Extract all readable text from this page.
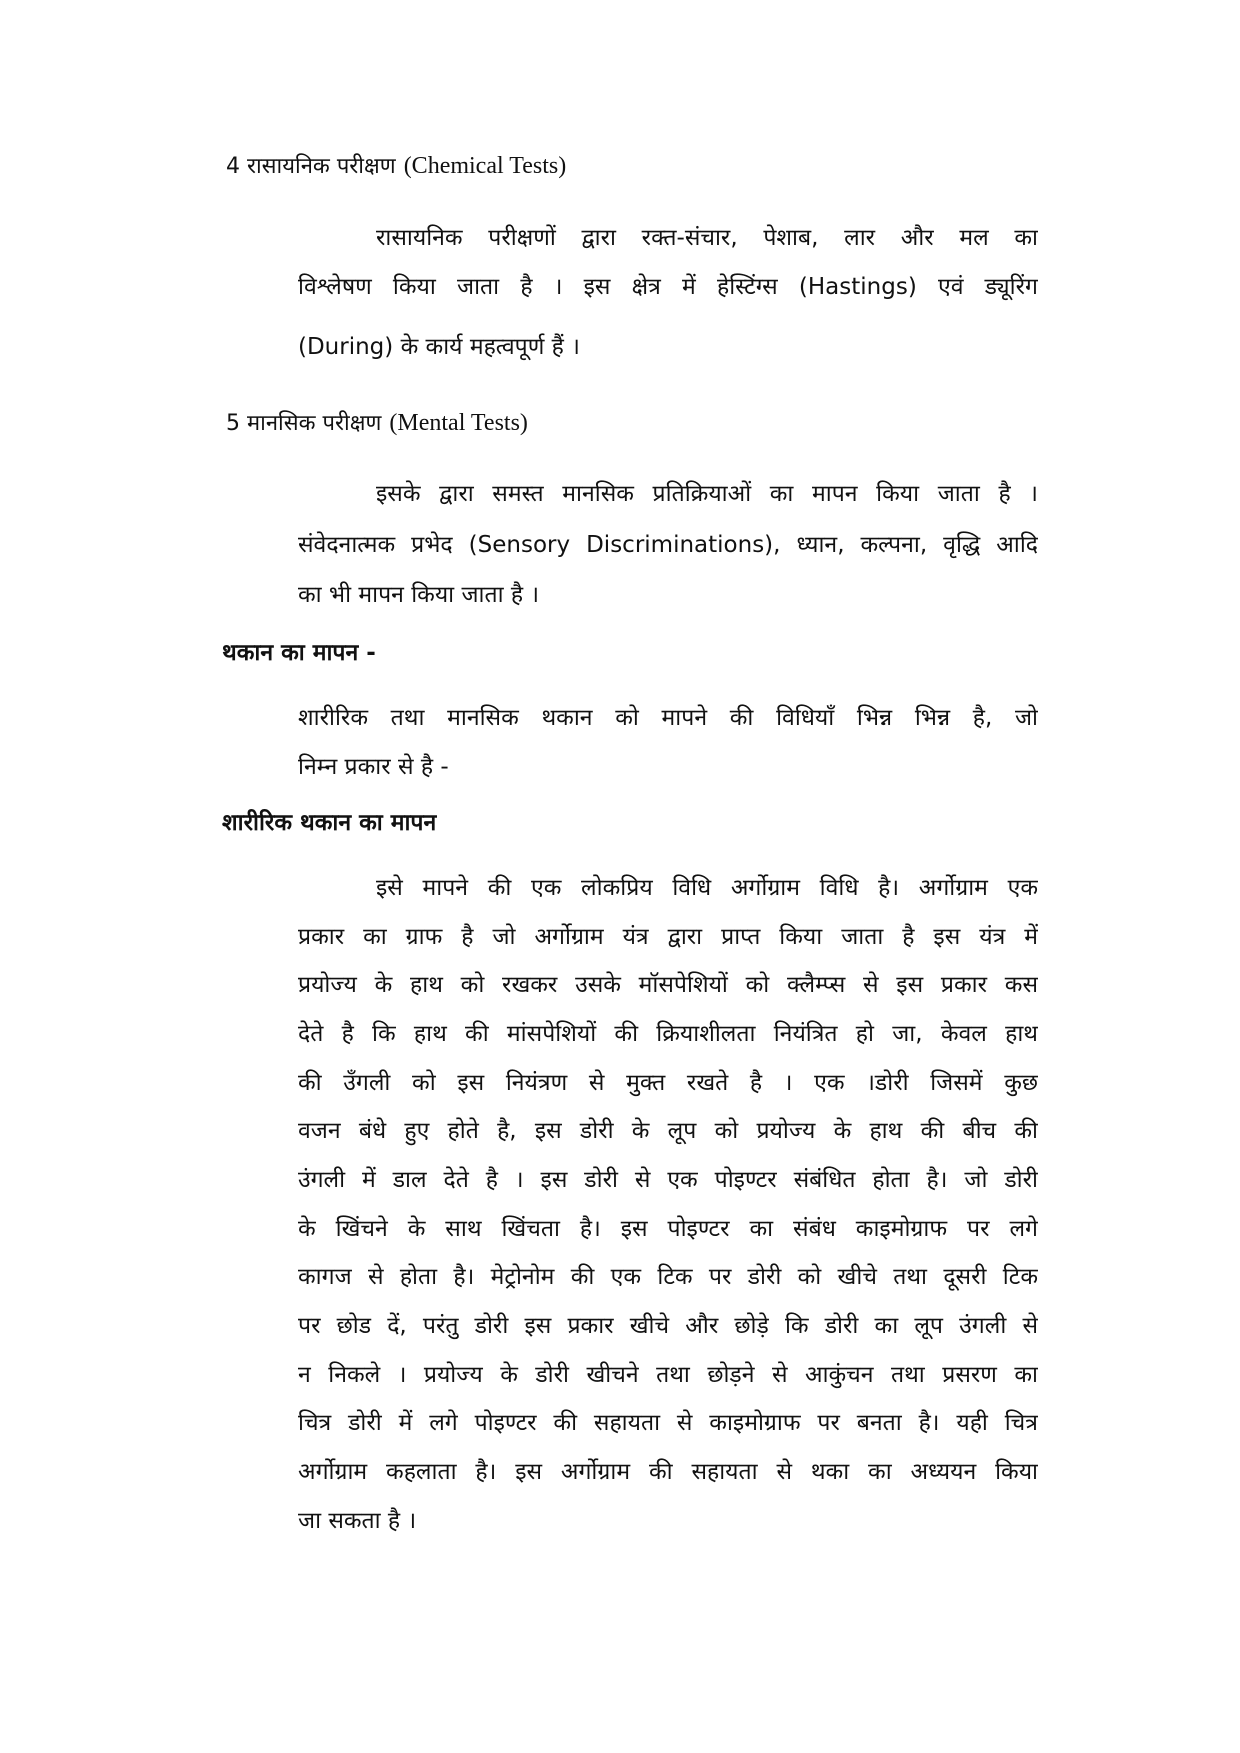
4 रासायनिक परीक्षण (Chemical Tests)
रासायनिक परीक्षणों द्वारा रक्त-संचार, पेशाब, लार और मल का
विश्लेषण किया जाता है । इस क्षेत्र में हेस्टिंग्स (Hastings) एवं ड्यूरिंग
(During) के कार्य महत्वपूर्ण हैं ।
5 मानसिक परीक्षण (Mental Tests)
इसके द्वारा समस्त मानसिक प्रतिक्रियाओं का मापन किया जाता है ।
संवेदनात्मक प्रभेद (Sensory Discriminations), ध्यान, कल्पना, वृद्धि आदि
का भी मापन किया जाता है ।
थकान का मापन -
शारीरिक तथा मानसिक थकान को मापने की विधियाँ भिन्न भिन्न है, जो
निम्न प्रकार से है -
शारीरिक थकान का मापन
इसे मापने की एक लोकप्रिय विधि अर्गोग्राम विधि है। अर्गोग्राम एक
प्रकार का ग्राफ है जो अर्गोग्राम यंत्र द्वारा प्राप्त किया जाता है इस यंत्र में
प्रयोज्य के हाथ को रखकर उसके मॉसपेशियों को क्लैम्प्स से इस प्रकार कस
देते है कि हाथ की मांसपेशियों की क्रियाशीलता नियंत्रित हो जा, केवल हाथ
की उँगली को इस नियंत्रण से मुक्त रखते है । एक ।डोरी जिसमें कुछ
वजन बंधे हुए होते है, इस डोरी के लूप को प्रयोज्य के हाथ की बीच की
उंगली में डाल देते है । इस डोरी से एक पोइण्टर संबंधित होता है। जो डोरी
के खिंचने के साथ खिंचता है। इस पोइण्टर का संबंध काइमोग्राफ पर लगे
कागज से होता है। मेट्रोनोम की एक टिक पर डोरी को खीचे तथा दूसरी टिक
पर छोड दें, परंतु डोरी इस प्रकार खीचे और छोड़े कि डोरी का लूप उंगली से
न निकले । प्रयोज्य के डोरी खीचने तथा छोड़ने से आकुंचन तथा प्रसरण का
चित्र डोरी में लगे पोइण्टर की सहायता से काइमोग्राफ पर बनता है। यही चित्र
अर्गोग्राम कहलाता है। इस अर्गोग्राम की सहायता से थका का अध्ययन किया
जा सकता है ।
